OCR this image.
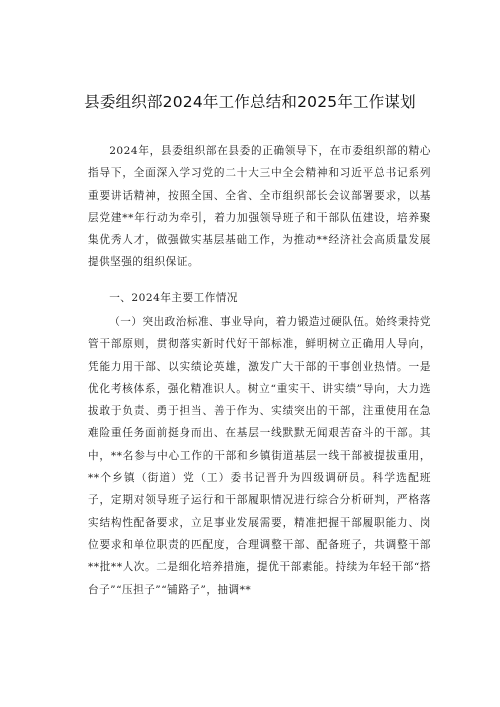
县委组织部2024年工作总结和2025年工作谋划

2024年，县委组织部在县委的正确领导下，在市委组织部的精心指导下，全面深入学习党的二十大三中全会精神和习近平总书记系列重要讲话精神，按照全国、全省、全市组织部长会议部署要求，以基层党建**年行动为牵引，着力加强领导班子和干部队伍建设，培养聚集优秀人才，做强做实基层基础工作，为推动**经济社会高质量发展提供坚强的组织保证。

一、2024年主要工作情况

（一）突出政治标准、事业导向，着力锻造过硬队伍。始终秉持党管干部原则，贯彻落实新时代好干部标准，鲜明树立正确用人导向，凭能力用干部、以实绩论英雄，激发广大干部的干事创业热情。一是优化考核体系，强化精准识人。树立“重实干、讲实绩”导向，大力选拔敢于负责、勇于担当、善于作为、实绩突出的干部，注重使用在急难险重任务面前挺身而出、在基层一线默默无闻艰苦奋斗的干部。其中，**名参与中心工作的干部和乡镇街道基层一线干部被提拔重用，**个乡镇（街道）党（工）委书记晋升为四级调研员。科学选配班子，定期对领导班子运行和干部履职情况进行综合分析研判，严格落实结构性配备要求，立足事业发展需要，精准把握干部履职能力、岗位要求和单位职责的匹配度，合理调整干部、配备班子，共调整干部**批**人次。二是细化培养措施，提优干部素能。持续为年轻干部“搭台子”“压担子”“铺路子”，抽调**
